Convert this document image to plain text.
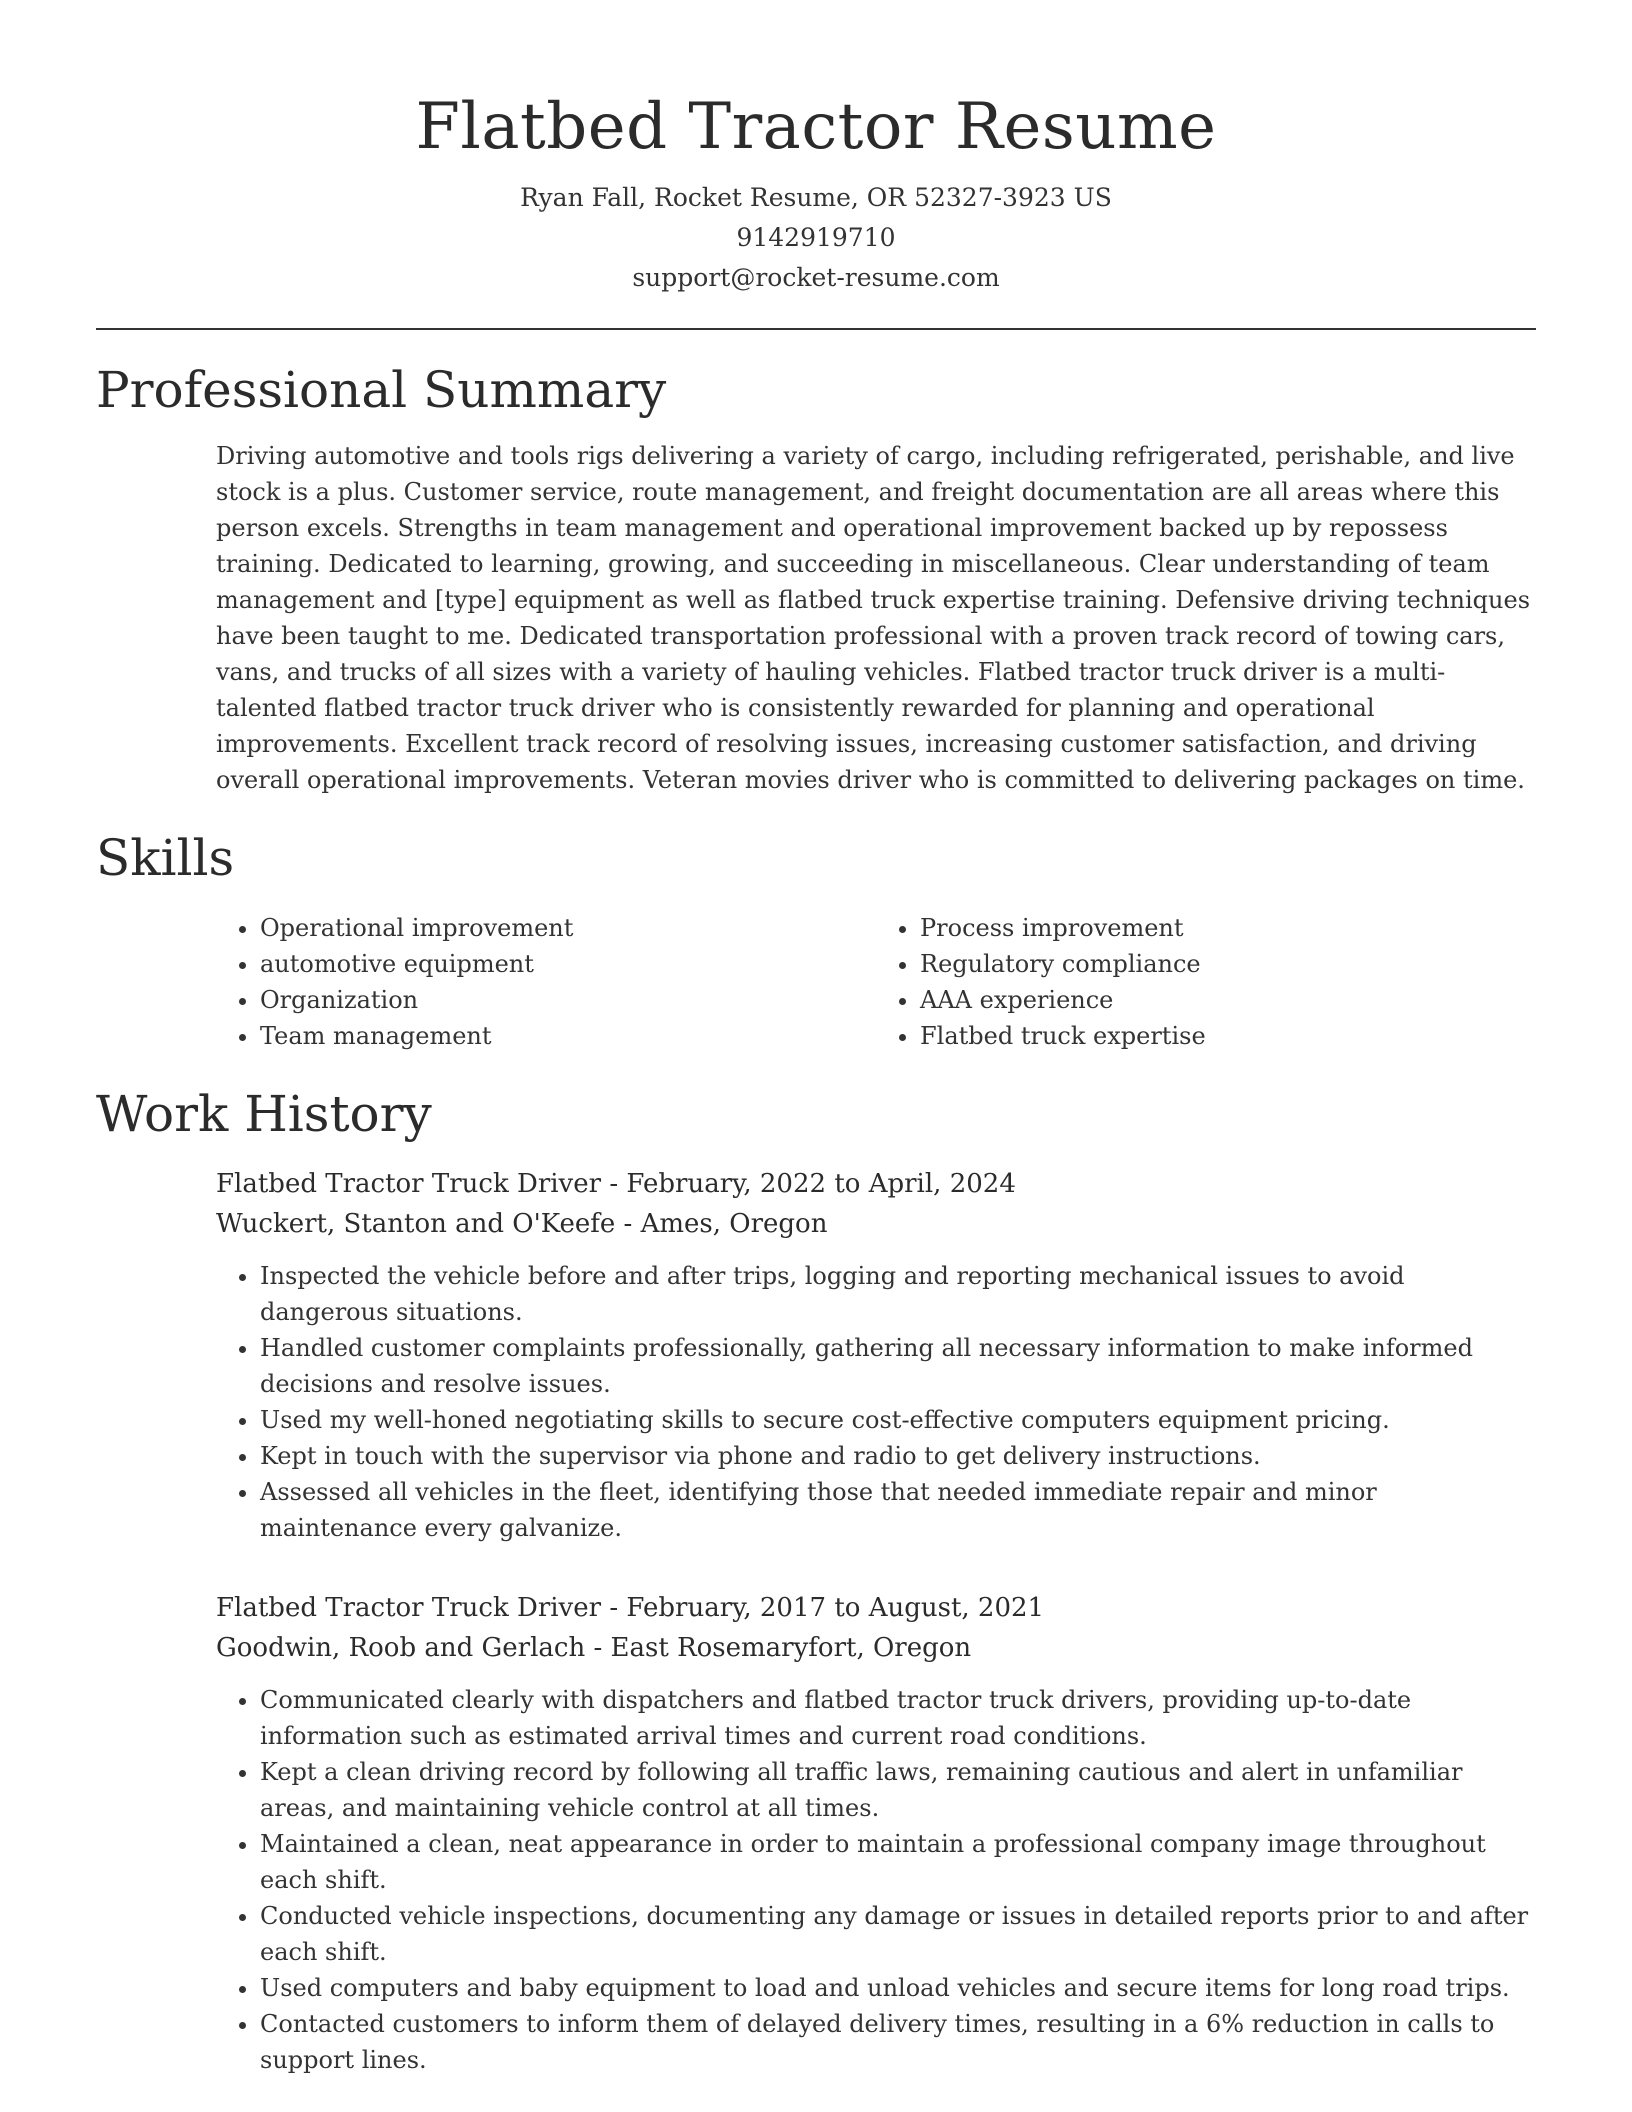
Flatbed Tractor Resume
Ryan Fall, Rocket Resume, OR 52327-3923 US
9142919710
support@rocket-resume.com
Professional Summary
Driving automotive and tools rigs delivering a variety of cargo, including refrigerated, perishable, and live stock is a plus. Customer service, route management, and freight documentation are all areas where this person excels. Strengths in team management and operational improvement backed up by repossess training. Dedicated to learning, growing, and succeeding in miscellaneous. Clear understanding of team management and [type] equipment as well as flatbed truck expertise training. Defensive driving techniques have been taught to me. Dedicated transportation professional with a proven track record of towing cars, vans, and trucks of all sizes with a variety of hauling vehicles. Flatbed tractor truck driver is a multi-talented flatbed tractor truck driver who is consistently rewarded for planning and operational improvements. Excellent track record of resolving issues, increasing customer satisfaction, and driving overall operational improvements. Veteran movies driver who is committed to delivering packages on time.
Skills
• Operational improvement
• automotive equipment
• Organization
• Team management
• Process improvement
• Regulatory compliance
• AAA experience
• Flatbed truck expertise
Work History
Flatbed Tractor Truck Driver - February, 2022 to April, 2024
Wuckert, Stanton and O'Keefe - Ames, Oregon
• Inspected the vehicle before and after trips, logging and reporting mechanical issues to avoid dangerous situations.
• Handled customer complaints professionally, gathering all necessary information to make informed decisions and resolve issues.
• Used my well-honed negotiating skills to secure cost-effective computers equipment pricing.
• Kept in touch with the supervisor via phone and radio to get delivery instructions.
• Assessed all vehicles in the fleet, identifying those that needed immediate repair and minor maintenance every galvanize.
Flatbed Tractor Truck Driver - February, 2017 to August, 2021
Goodwin, Roob and Gerlach - East Rosemaryfort, Oregon
• Communicated clearly with dispatchers and flatbed tractor truck drivers, providing up-to-date information such as estimated arrival times and current road conditions.
• Kept a clean driving record by following all traffic laws, remaining cautious and alert in unfamiliar areas, and maintaining vehicle control at all times.
• Maintained a clean, neat appearance in order to maintain a professional company image throughout each shift.
• Conducted vehicle inspections, documenting any damage or issues in detailed reports prior to and after each shift.
• Used computers and baby equipment to load and unload vehicles and secure items for long road trips.
• Contacted customers to inform them of delayed delivery times, resulting in a 6% reduction in calls to support lines.
